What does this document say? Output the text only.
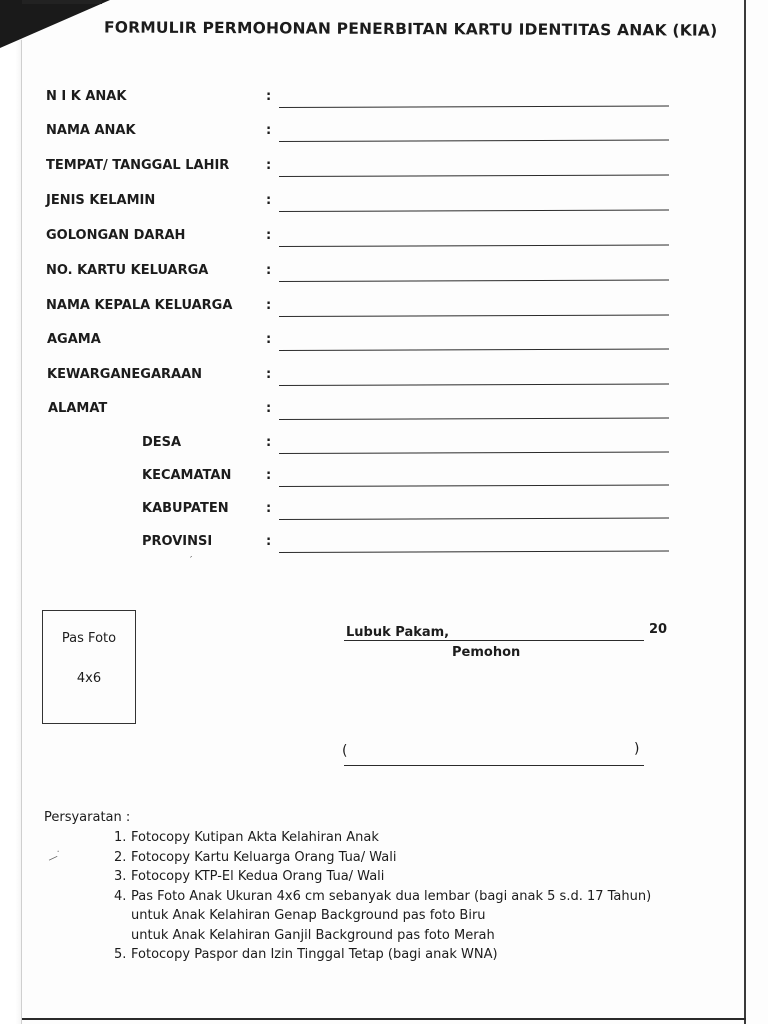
FORMULIR PERMOHONAN PENERBITAN KARTU IDENTITAS ANAK (KIA)
N I K ANAK	:
NAMA ANAK	:
TEMPAT/ TANGGAL LAHIR	:
JENIS KELAMIN	:
GOLONGAN DARAH	:
NO. KARTU KELUARGA	:
NAMA KEPALA KELUARGA	:
AGAMA	:
KEWARGANEGARAAN	:
ALAMAT	:
DESA	:
KECAMATAN	:
KABUPATEN	:
PROVINSI	:
Pas Foto
4x6
Lubuk Pakam,	20
Pemohon
(	)
Persyaratan :
1. Fotocopy Kutipan Akta Kelahiran Anak
2. Fotocopy Kartu Keluarga Orang Tua/ Wali
3. Fotocopy KTP-El Kedua Orang Tua/ Wali
4. Pas Foto Anak Ukuran 4x6 cm sebanyak dua lembar (bagi anak 5 s.d. 17 Tahun)
untuk Anak Kelahiran Genap Background pas foto Biru
untuk Anak Kelahiran Ganjil Background pas foto Merah
5. Fotocopy Paspor dan Izin Tinggal Tetap (bagi anak WNA)
—˙
′
